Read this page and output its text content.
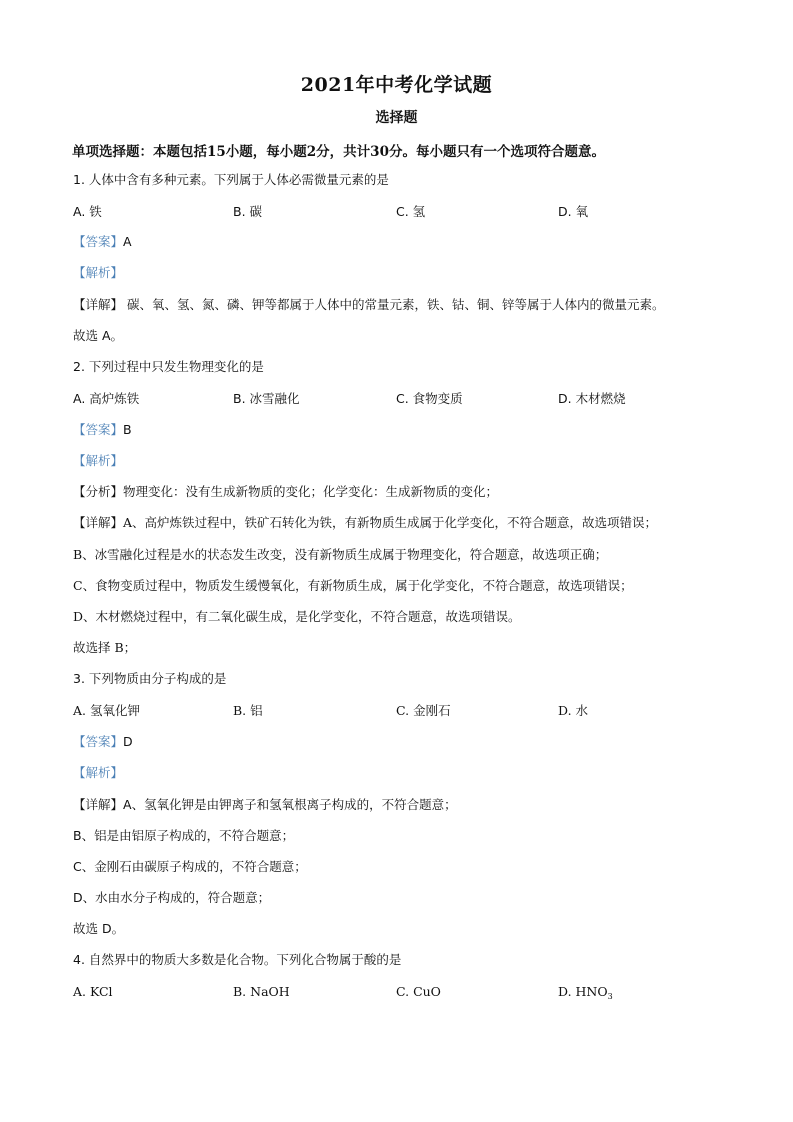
2021年中考化学试题
选择题
单项选择题：本题包括15小题，每小题2分，共计30分。每小题只有一个选项符合题意。
1. 人体中含有多种元素。下列属于人体必需微量元素的是
A. 铁	B. 碳	C. 氢	D. 氧
【答案】A
【解析】
【详解】 碳、氧、氢、氮、磷、钾等都属于人体中的常量元素，铁、钴、铜、锌等属于人体内的微量元素。
故选 A。
2. 下列过程中只发生物理变化的是
A. 高炉炼铁	B. 冰雪融化	C. 食物变质	D. 木材燃烧
【答案】B
【解析】
【分析】物理变化：没有生成新物质的变化；化学变化：生成新物质的变化；
【详解】A、高炉炼铁过程中，铁矿石转化为铁，有新物质生成属于化学变化，不符合题意，故选项错误；
B、冰雪融化过程是水的状态发生改变，没有新物质生成属于物理变化，符合题意，故选项正确；
C、食物变质过程中，物质发生缓慢氧化，有新物质生成，属于化学变化，不符合题意，故选项错误；
D、木材燃烧过程中，有二氧化碳生成，是化学变化，不符合题意，故选项错误。
故选择 B；
3. 下列物质由分子构成的是
A. 氢氧化钾	B. 铝	C. 金刚石	D. 水
【答案】D
【解析】
【详解】A、氢氧化钾是由钾离子和氢氧根离子构成的，不符合题意；
B、铝是由铝原子构成的，不符合题意；
C、金刚石由碳原子构成的，不符合题意；
D、水由水分子构成的，符合题意；
故选 D。
4. 自然界中的物质大多数是化合物。下列化合物属于酸的是
A. KCl	B. NaOH	C. CuO	D. $HNO_3$
